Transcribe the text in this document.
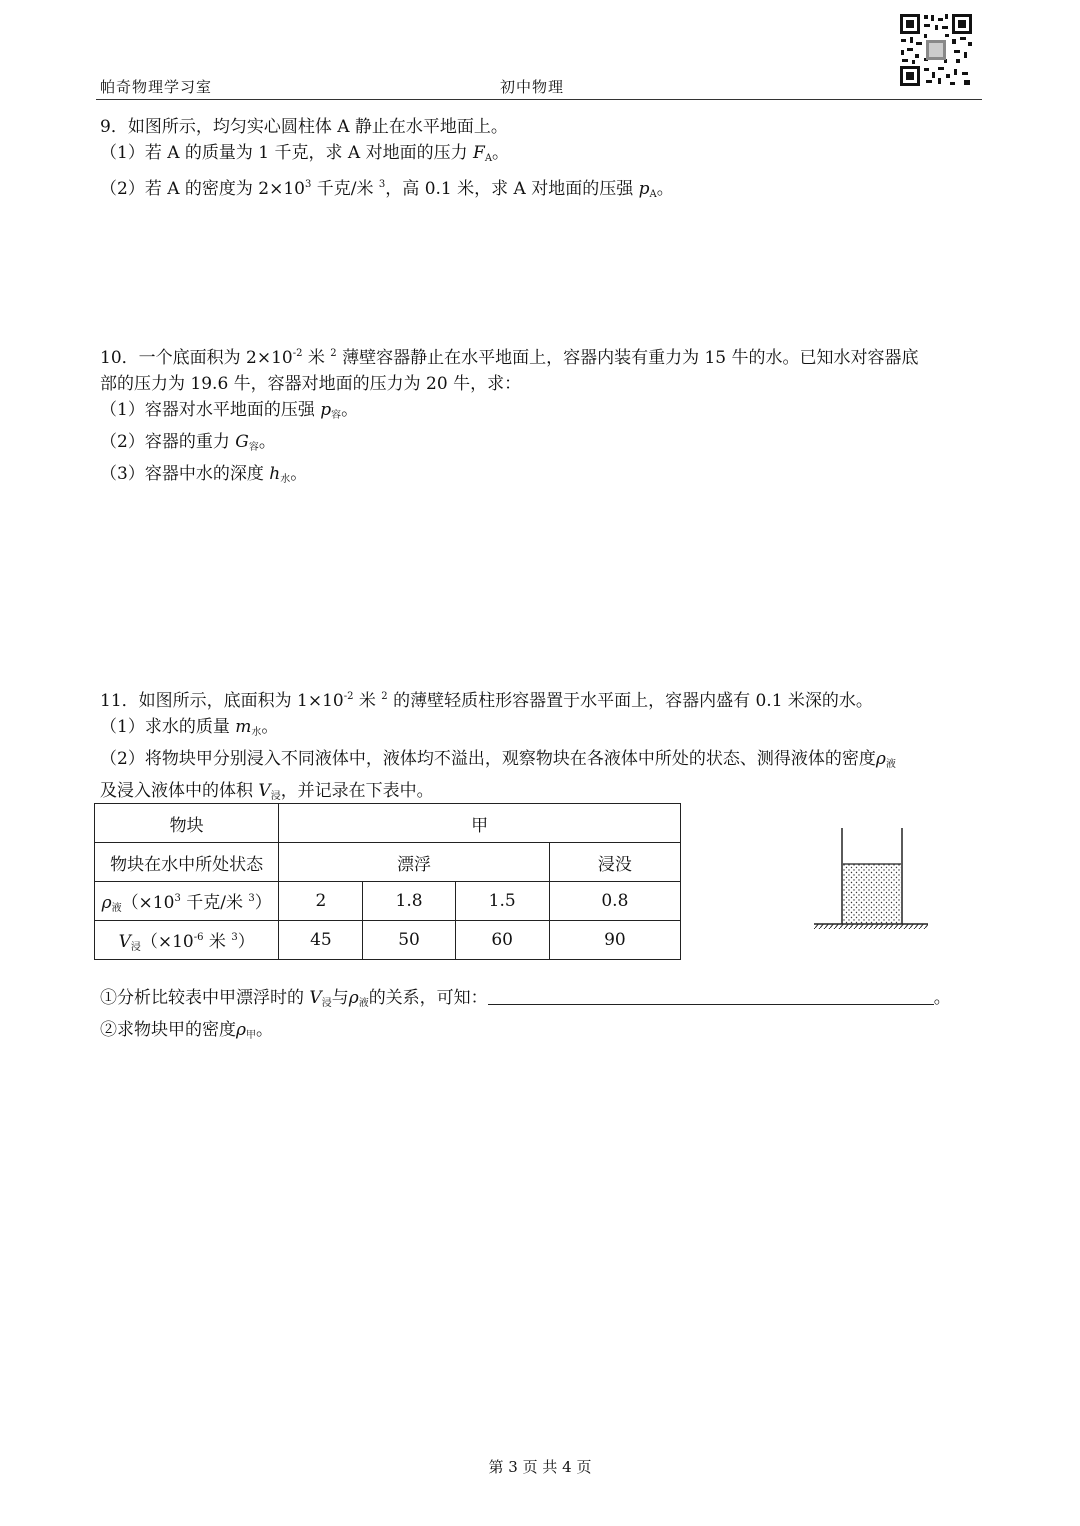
帕奇物理学习室	初中物理
9．如图所示，均匀实心圆柱体 A 静止在水平地面上。
（1）若 A 的质量为 1 千克，求 A 对地面的压力 $F_A$。
（2）若 A 的密度为 $2\times 10^3$ 千克/米 $^3$，高 0.1 米，求 A 对地面的压强 $p_A$。
10．一个底面积为 $2\times 10^{-2}$ 米 $^2$ 薄壁容器静止在水平地面上，容器内装有重力为 15 牛的水。已知水对容器底
部的压力为 19.6 牛，容器对地面的压力为 20 牛，求：
（1）容器对水平地面的压强 $p_容$。
（2）容器的重力 $G_容$。
（3）容器中水的深度 $h_水$。
11．如图所示，底面积为 $1\times 10^{-2}$ 米 $^2$ 的薄壁轻质柱形容器置于水平面上，容器内盛有 0.1 米深的水。
（1）求水的质量 $m_水$。
（2）将物块甲分别浸入不同液体中，液体均不溢出，观察物块在各液体中所处的状态、测得液体的密度$\rho_液$
及浸入液体中的体积 $V_浸$，并记录在下表中。
物块	甲			
物块在水中所处状态	漂浮			浸没
$\rho_液(\times 10^3$ 千克/米 $^3$）	2	1.8	1.5	0.8
$V_浸(\times 10^{-6}$ 米 $^3$）	45	50	60	90
①分析比较表中甲漂浮时的 $V_浸$与$\rho_液$的关系，可知：	。
②求物块甲的密度$\rho_甲$。
第 3 页 共 4 页
